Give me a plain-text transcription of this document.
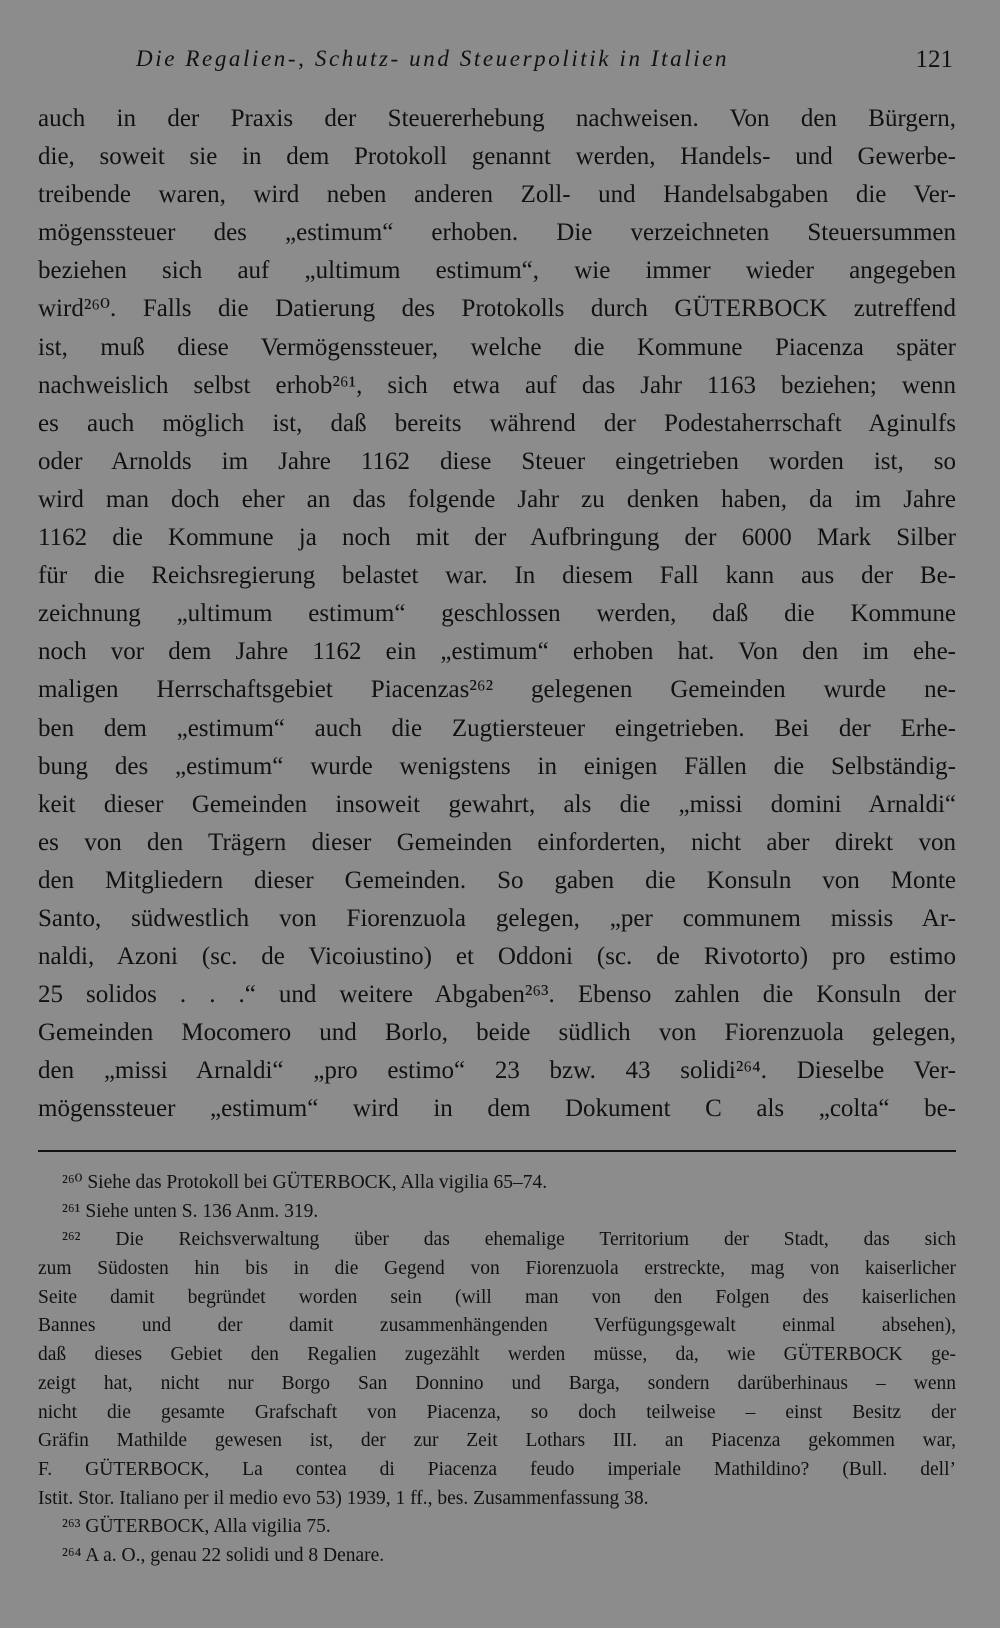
Die Regalien-, Schutz- und Steuerpolitik in Italien	121
auch in der Praxis der Steuererhebung nachweisen. Von den Bürgern,
die, soweit sie in dem Protokoll genannt werden, Handels- und Gewerbe-
treibende waren, wird neben anderen Zoll- und Handelsabgaben die Ver-
mögenssteuer des „estimum“ erhoben. Die verzeichneten Steuersummen
beziehen sich auf „ultimum estimum“, wie immer wieder angegeben
wird²⁶⁰. Falls die Datierung des Protokolls durch GÜTERBOCK zutreffend
ist, muß diese Vermögenssteuer, welche die Kommune Piacenza später
nachweislich selbst erhob²⁶¹, sich etwa auf das Jahr 1163 beziehen; wenn
es auch möglich ist, daß bereits während der Podestaherrschaft Aginulfs
oder Arnolds im Jahre 1162 diese Steuer eingetrieben worden ist, so
wird man doch eher an das folgende Jahr zu denken haben, da im Jahre
1162 die Kommune ja noch mit der Aufbringung der 6000 Mark Silber
für die Reichsregierung belastet war. In diesem Fall kann aus der Be-
zeichnung „ultimum estimum“ geschlossen werden, daß die Kommune
noch vor dem Jahre 1162 ein „estimum“ erhoben hat. Von den im ehe-
maligen Herrschaftsgebiet Piacenzas²⁶² gelegenen Gemeinden wurde ne-
ben dem „estimum“ auch die Zugtiersteuer eingetrieben. Bei der Erhe-
bung des „estimum“ wurde wenigstens in einigen Fällen die Selbständig-
keit dieser Gemeinden insoweit gewahrt, als die „missi domini Arnaldi“
es von den Trägern dieser Gemeinden einforderten, nicht aber direkt von
den Mitgliedern dieser Gemeinden. So gaben die Konsuln von Monte
Santo, südwestlich von Fiorenzuola gelegen, „per communem missis Ar-
naldi, Azoni (sc. de Vicoiustino) et Oddoni (sc. de Rivotorto) pro estimo
25 solidos . . .“ und weitere Abgaben²⁶³. Ebenso zahlen die Konsuln der
Gemeinden Mocomero und Borlo, beide südlich von Fiorenzuola gelegen,
den „missi Arnaldi“ „pro estimo“ 23 bzw. 43 solidi²⁶⁴. Dieselbe Ver-
mögenssteuer „estimum“ wird in dem Dokument C als „colta“ be-
²⁶⁰ Siehe das Protokoll bei GÜTERBOCK, Alla vigilia 65–74.
²⁶¹ Siehe unten S. 136 Anm. 319.
²⁶² Die Reichsverwaltung über das ehemalige Territorium der Stadt, das sich
zum Südosten hin bis in die Gegend von Fiorenzuola erstreckte, mag von kaiserlicher
Seite damit begründet worden sein (will man von den Folgen des kaiserlichen
Bannes und der damit zusammenhängenden Verfügungsgewalt einmal absehen),
daß dieses Gebiet den Regalien zugezählt werden müsse, da, wie GÜTERBOCK ge-
zeigt hat, nicht nur Borgo San Donnino und Barga, sondern darüberhinaus – wenn
nicht die gesamte Grafschaft von Piacenza, so doch teilweise – einst Besitz der
Gräfin Mathilde gewesen ist, der zur Zeit Lothars III. an Piacenza gekommen war,
F. GÜTERBOCK, La contea di Piacenza feudo imperiale Mathildino? (Bull. dell’
Istit. Stor. Italiano per il medio evo 53) 1939, 1 ff., bes. Zusammenfassung 38.
²⁶³ GÜTERBOCK, Alla vigilia 75.
²⁶⁴ A a. O., genau 22 solidi und 8 Denare.
